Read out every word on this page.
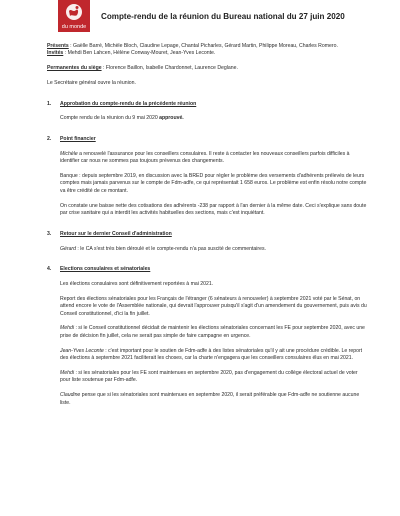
du monde
Compte-rendu de la réunion du Bureau national du 27 juin 2020

Présents : Gaëlle Barré, Michèle Bloch, Claudine Lepage, Chantal Picharles, Gérard Martin, Philippe Moreau, Charles Romero.

Invités : Mehdi Ben Lahcen, Hélène Conway-Mouret, Jean-Yves Leconte.

Permanentes du siège : Florence Baillon, Isabelle Chardonnet, Laurence Deglane.

Le Secrétaire général ouvre la réunion.

1. Approbation du compte-rendu de la précédente réunion

Compte rendu de la réunion du 9 mai 2020 approuvé.

2. Point financier

Michèle a renouvelé l'assurance pour les conseillers consulaires. Il reste à contacter les nouveaux conseillers parfois difficiles à identifier car nous ne sommes pas toujours prévenus des changements.

Banque : depuis septembre 2019, en discussion avec la BRED pour régler le problème des versements d'adhérents prélevés de leurs comptes mais jamais parvenus sur le compte de Fdm-adfe, ce qui représentait 1 658 euros. Le problème est enfin résolu notre compte va être crédité de ce montant.

On constate une baisse nette des cotisations des adhérents -238 par rapport à l'an dernier à la même date. Ceci s'explique sans doute par crise sanitaire qui a interdit les activités habituelles des sections, mais c'est inquiétant.

3. Retour sur le dernier Conseil d'administration

Gérard : le CA s'est très bien déroulé et le compte-rendu n'a pas suscité de commentaires.

4. Elections consulaires et sénatoriales

Les élections consulaires sont définitivement reportées à mai 2021.

Report des élections sénatoriales pour les Français de l'étranger (6 sénateurs à renouveler) à septembre 2021 voté par le Sénat, on attend encore le vote de l'Assemblée nationale, qui devrait l'approuver puisqu'il s'agit d'un amendement du gouvernement, puis avis du Conseil constitutionnel, d'ici la fin juillet.

Mehdi : si le Conseil constitutionnel décidait de maintenir les élections sénatoriales concernant les FE pour septembre 2020, avec une prise de décision fin juillet, cela ne serait pas simple de faire campagne en urgence.

Jean-Yves Leconte : c'est important pour le soutien de Fdm-adfe à des listes sénatoriales qu'il y ait une procédure crédible. Le report des élections à septembre 2021 faciliterait les choses, car la charte n'engagera que les conseillers consulaires élus en mai 2021.

Mehdi : si les sénatoriales pour les FE sont maintenues en septembre 2020, pas d'engagement du collège électoral actuel de voter pour liste soutenue par Fdm-adfe.

Claudine pense que si les sénatoriales sont maintenues en septembre 2020, il serait préférable que Fdm-adfe ne soutienne aucune liste.
